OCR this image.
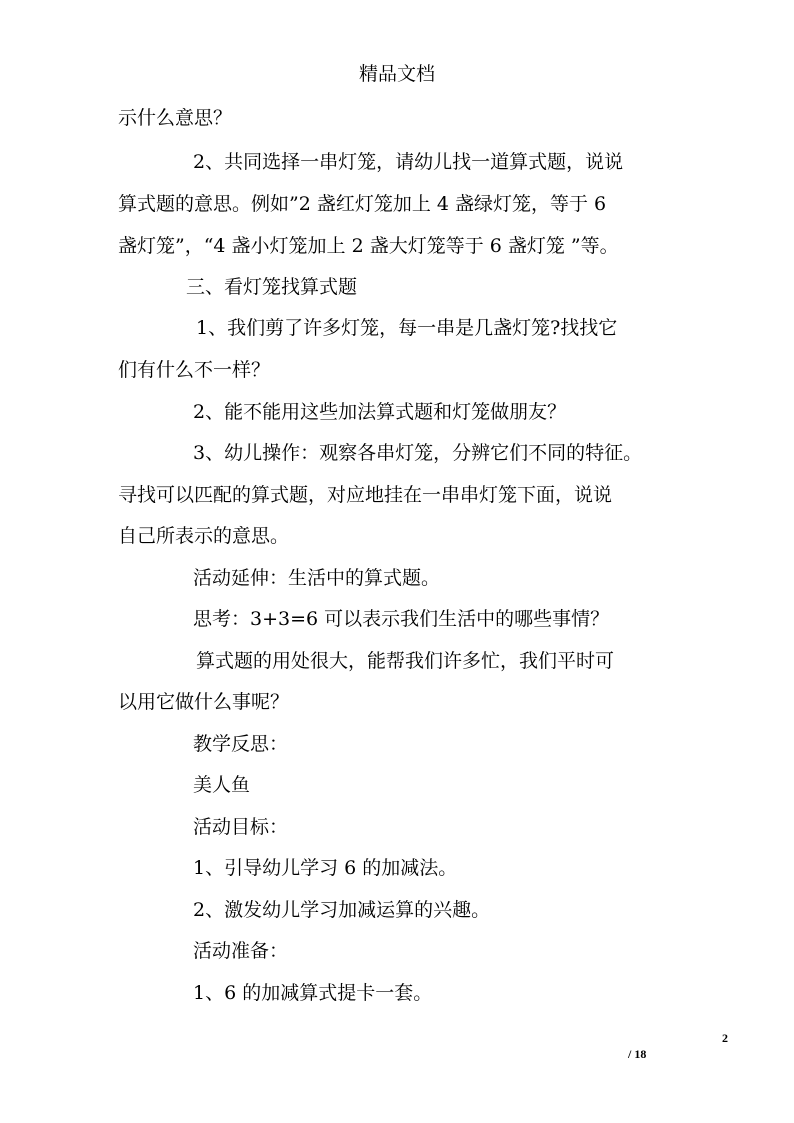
精品文档
示什么意思？
2、共同选择一串灯笼，请幼儿找一道算式题，说说
算式题的意思。例如”2 盏红灯笼加上 4 盏绿灯笼，等于 6
盏灯笼”，“4 盏小灯笼加上 2 盏大灯笼等于 6 盏灯笼 ”等。
三、看灯笼找算式题
1、我们剪了许多灯笼，每一串是几盏灯笼?找找它
们有什么不一样？
2、能不能用这些加法算式题和灯笼做朋友？
3、幼儿操作：观察各串灯笼，分辨它们不同的特征。
寻找可以匹配的算式题，对应地挂在一串串灯笼下面，说说
自己所表示的意思。
活动延伸：生活中的算式题。
思考：3+3=6 可以表示我们生活中的哪些事情？
算式题的用处很大，能帮我们许多忙，我们平时可
以用它做什么事呢？
教学反思：
美人鱼
活动目标：
1、引导幼儿学习 6 的加减法。
2、激发幼儿学习加减运算的兴趣。
活动准备：
1、6 的加减算式提卡一套。
2
/ 18
